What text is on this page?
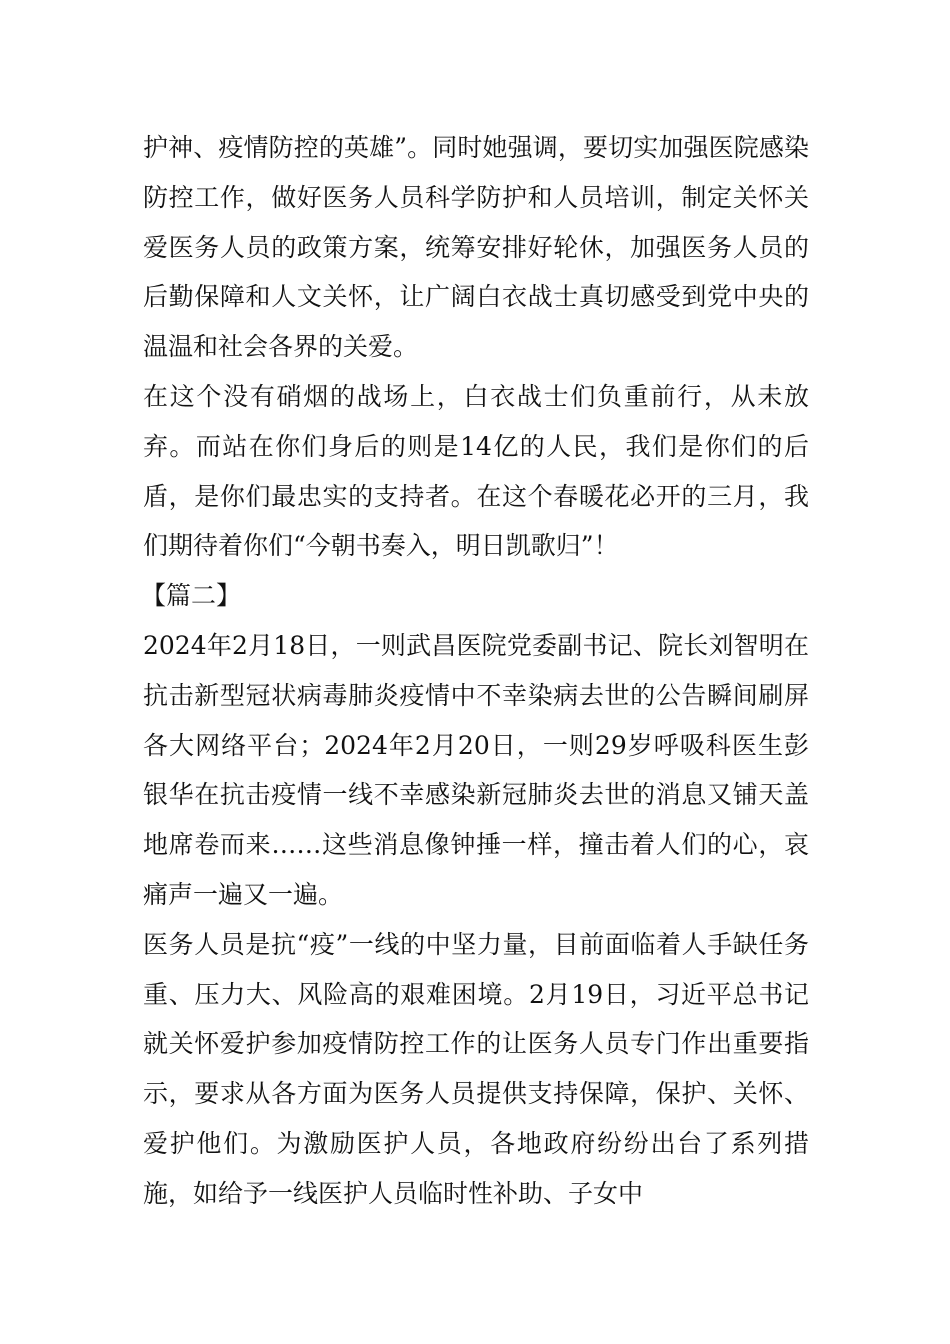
护神、疫情防控的英雄”。同时她强调，要切实加强医院感染防控工作，做好医务人员科学防护和人员培训，制定关怀关爱医务人员的政策方案，统筹安排好轮休，加强医务人员的后勤保障和人文关怀，让广阔白衣战士真切感受到党中央的温温和社会各界的关爱。

在这个没有硝烟的战场上，白衣战士们负重前行，从未放弃。而站在你们身后的则是14亿的人民，我们是你们的后盾，是你们最忠实的支持者。在这个春暖花必开的三月，我们期待着你们“今朝书奏入，明日凯歌归”！

【篇二】

2024年2月18日，一则武昌医院党委副书记、院长刘智明在抗击新型冠状病毒肺炎疫情中不幸染病去世的公告瞬间刷屏各大网络平台；2024年2月20日，一则29岁呼吸科医生彭银华在抗击疫情一线不幸感染新冠肺炎去世的消息又铺天盖地席卷而来……这些消息像钟捶一样，撞击着人们的心，哀痛声一遍又一遍。

医务人员是抗“疫”一线的中坚力量，目前面临着人手缺任务重、压力大、风险高的艰难困境。2月19日，习近平总书记就关怀爱护参加疫情防控工作的让医务人员专门作出重要指示，要求从各方面为医务人员提供支持保障，保护、关怀、爱护他们。为激励医护人员，各地政府纷纷出台了系列措施，如给予一线医护人员临时性补助、子女中
